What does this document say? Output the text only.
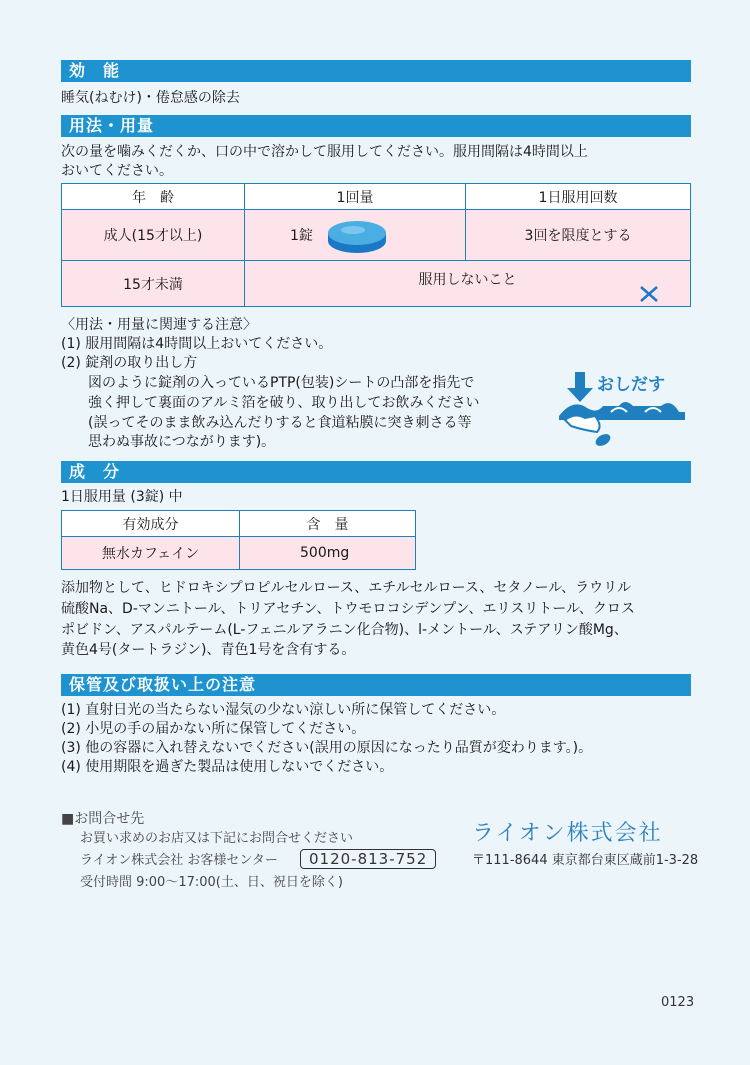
効　能
睡気(ねむけ)・倦怠感の除去
用法・用量
次の量を噛みくだくか、口の中で溶かして服用してください。服用間隔は4時間以上
おいてください。
年　齢	1回量	1日服用回数
成人(15才以上)	1錠	3回を限度とする
15才未満	服用しないこと	
〈用法・用量に関連する注意〉
(1) 服用間隔は4時間以上おいてください。
(2) 錠剤の取り出し方
図のように錠剤の入っているPTP(包装)シートの凸部を指先で
強く押して裏面のアルミ箔を破り、取り出してお飲みください
(誤ってそのまま飲み込んだりすると食道粘膜に突き刺さる等
思わぬ事故につながります)。
おしだす
成　分
1日服用量 (3錠) 中
有効成分	含　量
無水カフェイン	500mg
添加物として、ヒドロキシプロピルセルロース、エチルセルロース、セタノール、ラウリル
硫酸Na、D-マンニトール、トリアセチン、トウモロコシデンプン、エリスリトール、クロス
ポビドン、アスパルテーム(L-フェニルアラニン化合物)、l-メントール、ステアリン酸Mg、
黄色4号(タートラジン)、青色1号を含有する。
保管及び取扱い上の注意
(1) 直射日光の当たらない湿気の少ない涼しい所に保管してください。
(2) 小児の手の届かない所に保管してください。
(3) 他の容器に入れ替えないでください(誤用の原因になったり品質が変わります。)。
(4) 使用期限を過ぎた製品は使用しないでください。
■お問合せ先
お買い求めのお店又は下記にお問合せください
ライオン株式会社 お客様センター	0120-813-752
受付時間 9:00〜17:00(土、日、祝日を除く)
ライオン株式会社
〒111-8644 東京都台東区蔵前1-3-28
0123
